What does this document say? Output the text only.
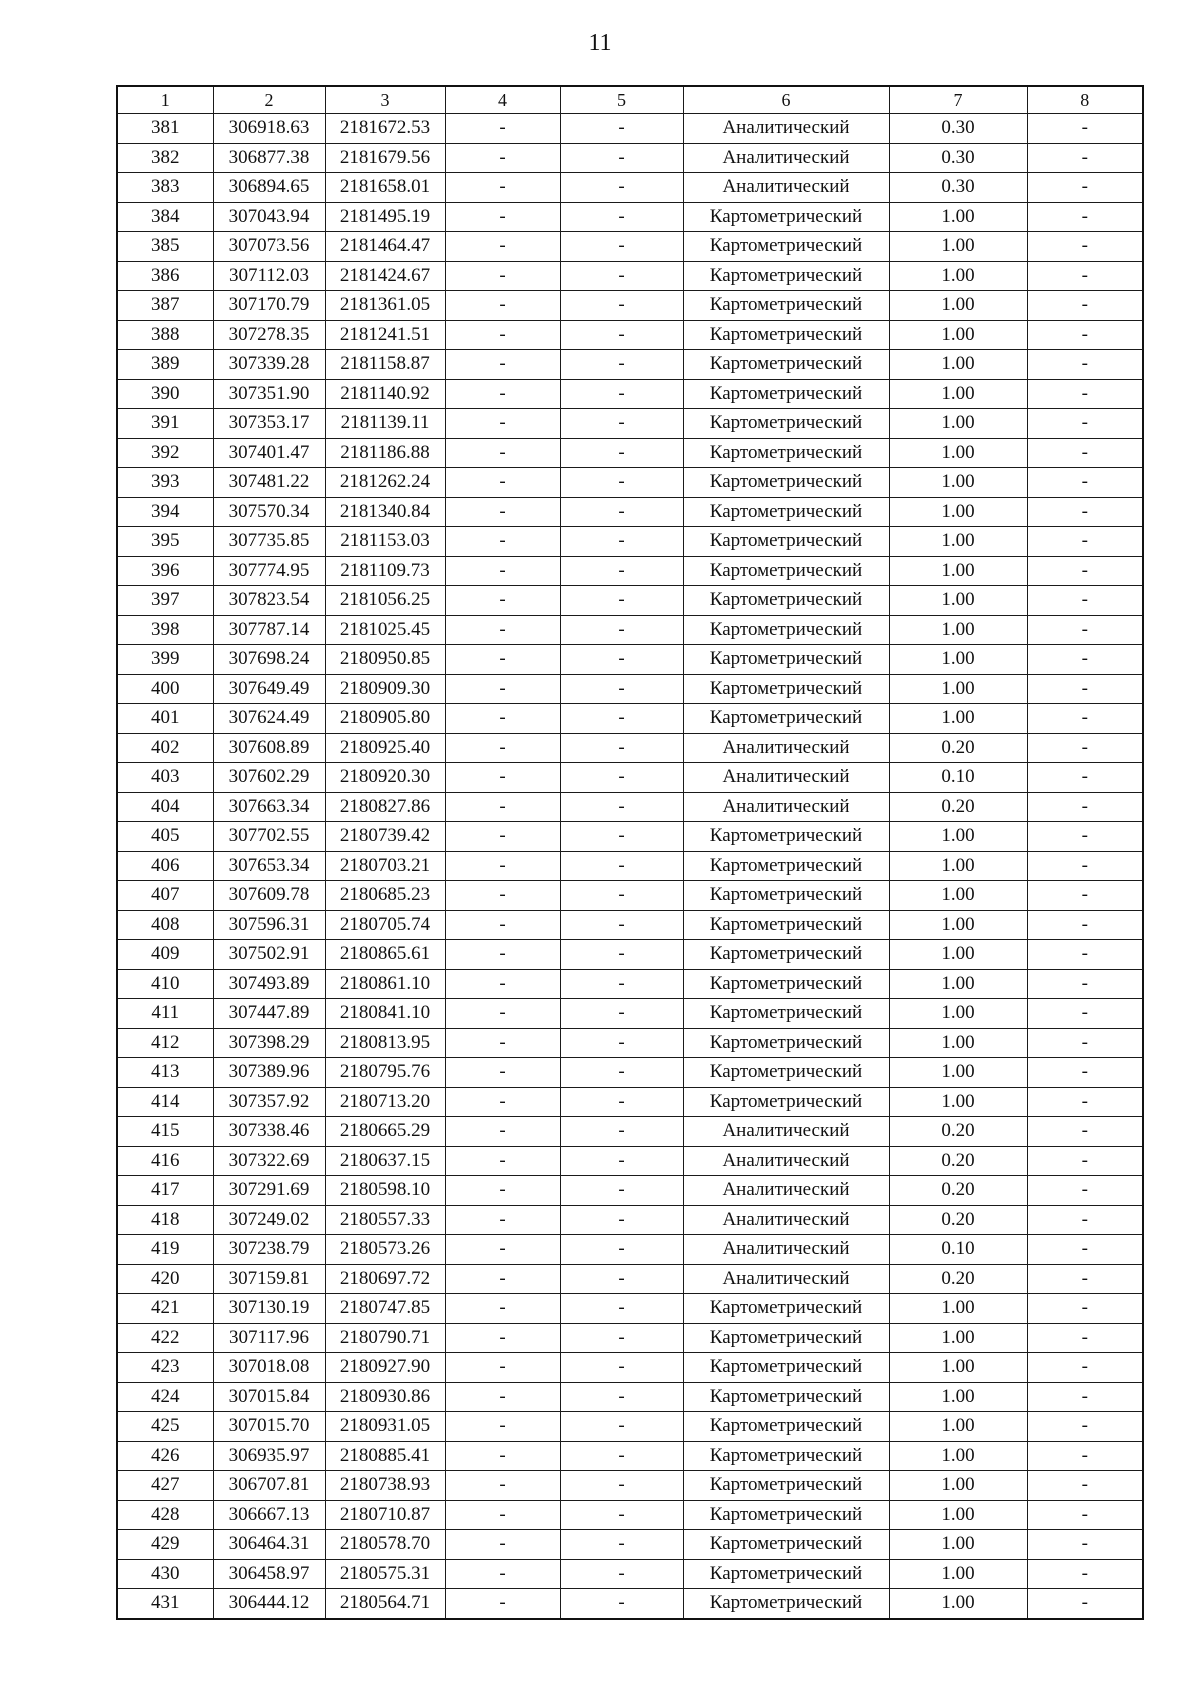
11
1	2	3	4	5	6	7	8
381	306918.63	2181672.53	-	-	Аналитический	0.30	-
382	306877.38	2181679.56	-	-	Аналитический	0.30	-
383	306894.65	2181658.01	-	-	Аналитический	0.30	-
384	307043.94	2181495.19	-	-	Картометрический	1.00	-
385	307073.56	2181464.47	-	-	Картометрический	1.00	-
386	307112.03	2181424.67	-	-	Картометрический	1.00	-
387	307170.79	2181361.05	-	-	Картометрический	1.00	-
388	307278.35	2181241.51	-	-	Картометрический	1.00	-
389	307339.28	2181158.87	-	-	Картометрический	1.00	-
390	307351.90	2181140.92	-	-	Картометрический	1.00	-
391	307353.17	2181139.11	-	-	Картометрический	1.00	-
392	307401.47	2181186.88	-	-	Картометрический	1.00	-
393	307481.22	2181262.24	-	-	Картометрический	1.00	-
394	307570.34	2181340.84	-	-	Картометрический	1.00	-
395	307735.85	2181153.03	-	-	Картометрический	1.00	-
396	307774.95	2181109.73	-	-	Картометрический	1.00	-
397	307823.54	2181056.25	-	-	Картометрический	1.00	-
398	307787.14	2181025.45	-	-	Картометрический	1.00	-
399	307698.24	2180950.85	-	-	Картометрический	1.00	-
400	307649.49	2180909.30	-	-	Картометрический	1.00	-
401	307624.49	2180905.80	-	-	Картометрический	1.00	-
402	307608.89	2180925.40	-	-	Аналитический	0.20	-
403	307602.29	2180920.30	-	-	Аналитический	0.10	-
404	307663.34	2180827.86	-	-	Аналитический	0.20	-
405	307702.55	2180739.42	-	-	Картометрический	1.00	-
406	307653.34	2180703.21	-	-	Картометрический	1.00	-
407	307609.78	2180685.23	-	-	Картометрический	1.00	-
408	307596.31	2180705.74	-	-	Картометрический	1.00	-
409	307502.91	2180865.61	-	-	Картометрический	1.00	-
410	307493.89	2180861.10	-	-	Картометрический	1.00	-
411	307447.89	2180841.10	-	-	Картометрический	1.00	-
412	307398.29	2180813.95	-	-	Картометрический	1.00	-
413	307389.96	2180795.76	-	-	Картометрический	1.00	-
414	307357.92	2180713.20	-	-	Картометрический	1.00	-
415	307338.46	2180665.29	-	-	Аналитический	0.20	-
416	307322.69	2180637.15	-	-	Аналитический	0.20	-
417	307291.69	2180598.10	-	-	Аналитический	0.20	-
418	307249.02	2180557.33	-	-	Аналитический	0.20	-
419	307238.79	2180573.26	-	-	Аналитический	0.10	-
420	307159.81	2180697.72	-	-	Аналитический	0.20	-
421	307130.19	2180747.85	-	-	Картометрический	1.00	-
422	307117.96	2180790.71	-	-	Картометрический	1.00	-
423	307018.08	2180927.90	-	-	Картометрический	1.00	-
424	307015.84	2180930.86	-	-	Картометрический	1.00	-
425	307015.70	2180931.05	-	-	Картометрический	1.00	-
426	306935.97	2180885.41	-	-	Картометрический	1.00	-
427	306707.81	2180738.93	-	-	Картометрический	1.00	-
428	306667.13	2180710.87	-	-	Картометрический	1.00	-
429	306464.31	2180578.70	-	-	Картометрический	1.00	-
430	306458.97	2180575.31	-	-	Картометрический	1.00	-
431	306444.12	2180564.71	-	-	Картометрический	1.00	-
